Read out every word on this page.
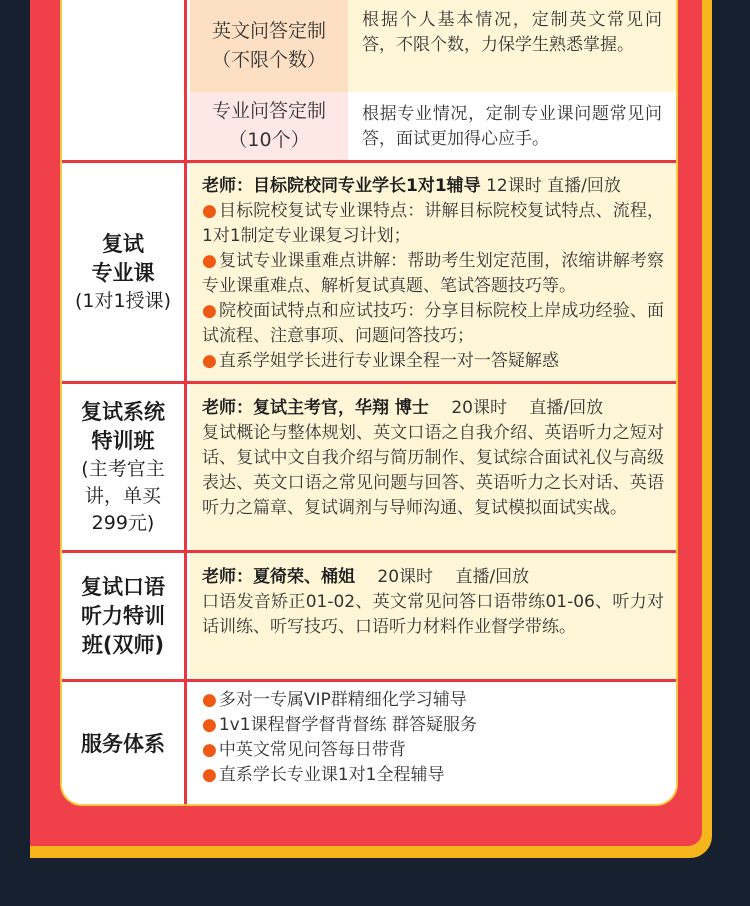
英文问答定制
（不限个数）
根据个人基本情况，定制英文常见问答，不限个数，力保学生熟悉掌握。
专业问答定制
（10个）
根据专业情况，定制专业课问题常见问答，面试更加得心应手。
复试
专业课
(1对1授课)
老师：目标院校同专业学长1对1辅导 12课时 直播/回放
● 目标院校复试专业课特点：讲解目标院校复试特点、流程，1对1制定专业课复习计划；
● 复试专业课重难点讲解：帮助考生划定范围，浓缩讲解考察专业课重难点、解析复试真题、笔试答题技巧等。
● 院校面试特点和应试技巧：分享目标院校上岸成功经验、面试流程、注意事项、问题问答技巧；
● 直系学姐学长进行专业课全程一对一答疑解惑
复试系统
特训班
(主考官主
讲，单买
299元)
老师：复试主考官，华翔 博士　 20课时　 直播/回放
复试概论与整体规划、英文口语之自我介绍、英语听力之短对话、复试中文自我介绍与简历制作、复试综合面试礼仪与高级表达、英文口语之常见问题与回答、英语听力之长对话、英语听力之篇章、复试调剂与导师沟通、复试模拟面试实战。
复试口语
听力特训
班(双师)
老师：夏徛荣、桶姐　 20课时　 直播/回放
口语发音矫正01-02、英文常见问答口语带练01-06、听力对话训练、听写技巧、口语听力材料作业督学带练。
服务体系
● 多对一专属VIP群精细化学习辅导
● 1v1课程督学督背督练 群答疑服务
● 中英文常见问答每日带背
● 直系学长专业课1对1全程辅导
